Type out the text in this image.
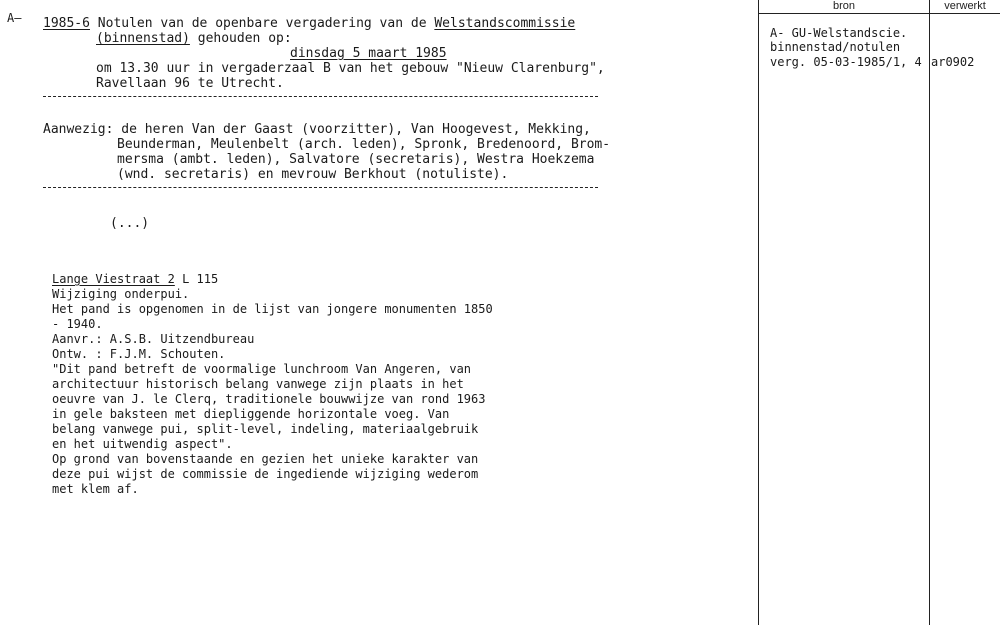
A– 1985-6 Notulen van de openbare vergadering van de Welstandscommissie
(binnenstad) gehouden op:
dinsdag 5 maart 1985
om 13.30 uur in vergaderzaal B van het gebouw "Nieuw Clarenburg",
Ravellaan 96 te Utrecht.
Aanwezig: de heren Van der Gaast (voorzitter), Van Hoogevest, Mekking,
Beunderman, Meulenbelt (arch. leden), Spronk, Bredenoord, Brom-
mersma (ambt. leden), Salvatore (secretaris), Westra Hoekzema
(wnd. secretaris) en mevrouw Berkhout (notuliste).
(...)
Lange Viestraat 2 L 115
Wijziging onderpui.
Het pand is opgenomen in de lijst van jongere monumenten 1850
- 1940.
Aanvr.: A.S.B. Uitzendbureau
Ontw. : F.J.M. Schouten.
"Dit pand betreft de voormalige lunchroom Van Angeren, van
architectuur historisch belang vanwege zijn plaats in het
oeuvre van J. le Clerq, traditionele bouwwijze van rond 1963
in gele baksteen met diepliggende horizontale voeg. Van
belang vanwege pui, split-level, indeling, materiaalgebruik
en het uitwendig aspect".
Op grond van bovenstaande en gezien het unieke karakter van
deze pui wijst de commissie de ingediende wijziging wederom
met klem af.
bron	verwerkt
A- GU-Welstandscie.
binnenstad/notulen
verg. 05-03-1985/1, 4 ar0902
